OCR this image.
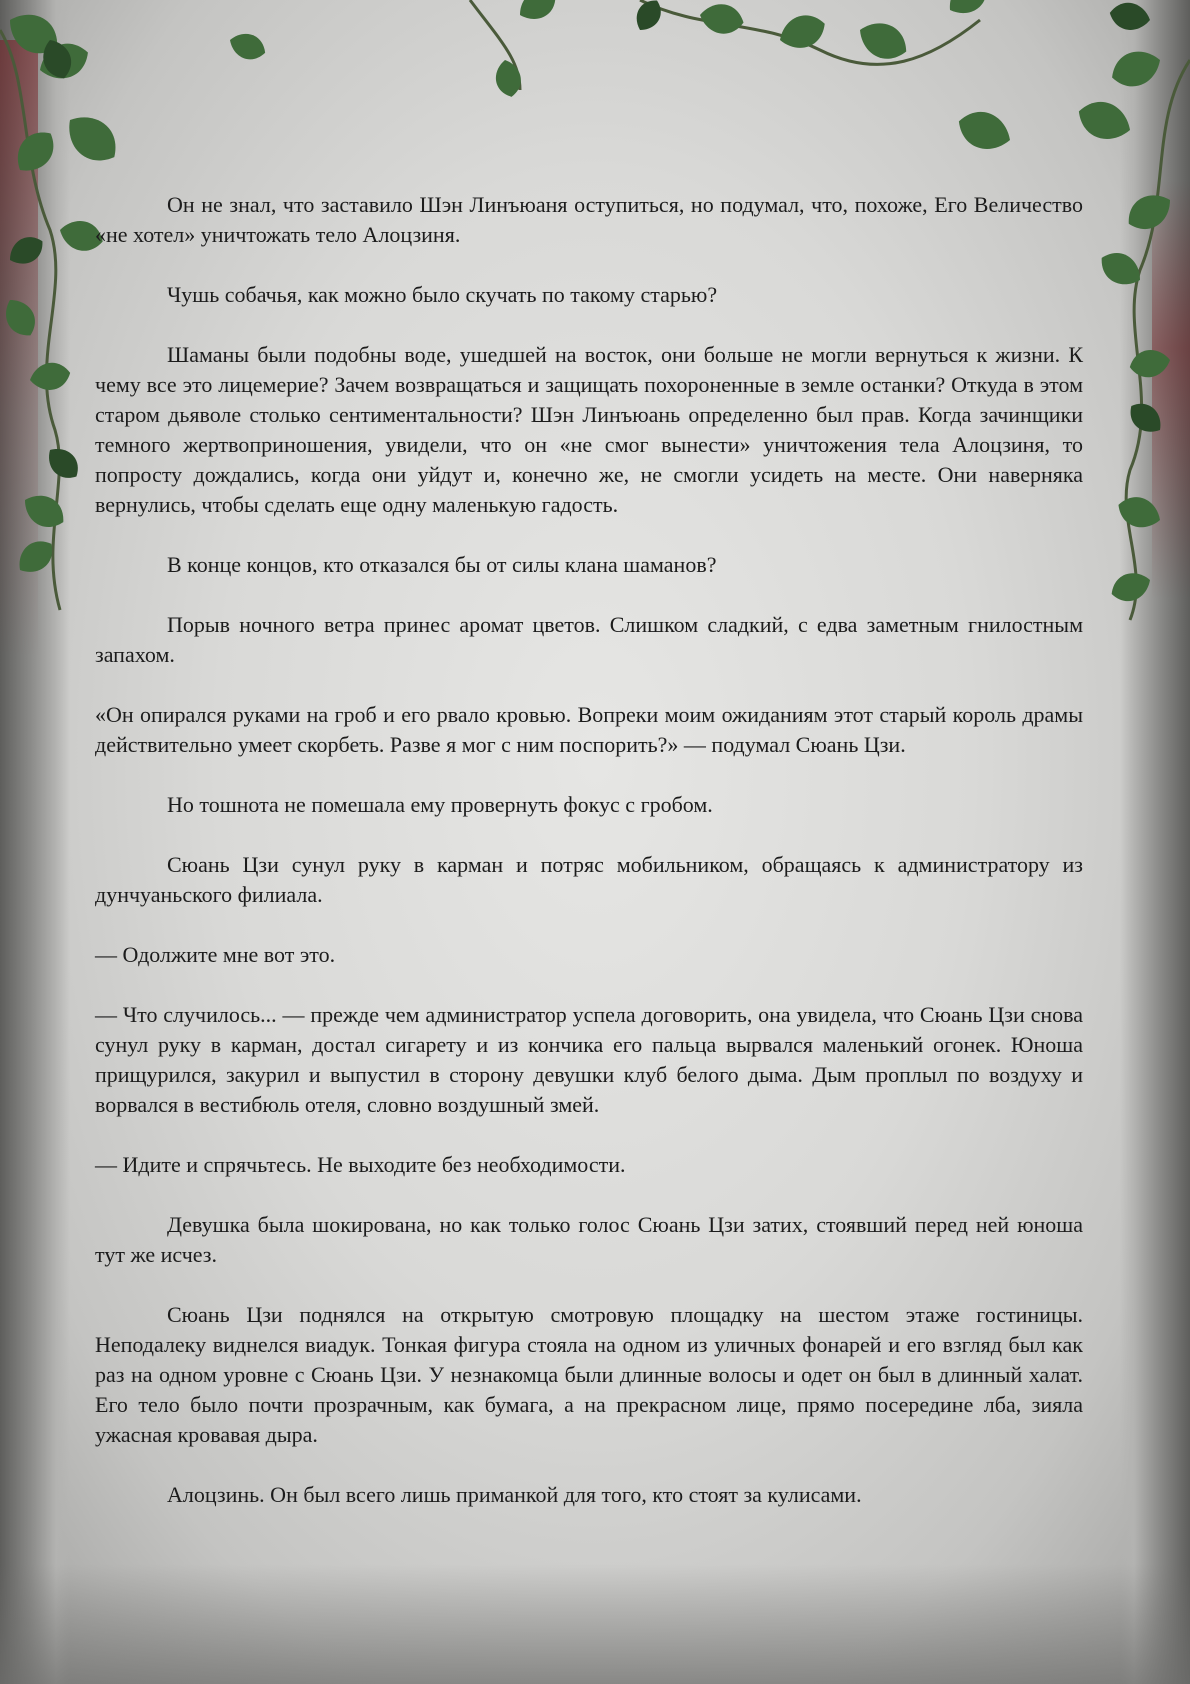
Он не знал, что заставило Шэн Линъюаня оступиться, но подумал, что, похоже, Его Величество «не хотел» уничтожать тело Алоцзиня.

Чушь собачья, как можно было скучать по такому старью?

Шаманы были подобны воде, ушедшей на восток, они больше не могли вернуться к жизни. К чему все это лицемерие? Зачем возвращаться и защищать похороненные в земле останки? Откуда в этом старом дьяволе столько сентиментальности? Шэн Линъюань определенно был прав. Когда зачинщики темного жертвоприношения, увидели, что он «не смог вынести» уничтожения тела Алоцзиня, то попросту дождались, когда они уйдут и, конечно же, не смогли усидеть на месте. Они наверняка вернулись, чтобы сделать еще одну маленькую гадость.

В конце концов, кто отказался бы от силы клана шаманов?

Порыв ночного ветра принес аромат цветов. Слишком сладкий, с едва заметным гнилостным запахом.

«Он опирался руками на гроб и его рвало кровью. Вопреки моим ожиданиям этот старый король драмы действительно умеет скорбеть. Разве я мог с ним поспорить?» — подумал Сюань Цзи.

Но тошнота не помешала ему провернуть фокус с гробом.

Сюань Цзи сунул руку в карман и потряс мобильником, обращаясь к администратору из дунчуаньского филиала.

— Одолжите мне вот это.

— Что случилось... — прежде чем администратор успела договорить, она увидела, что Сюань Цзи снова сунул руку в карман, достал сигарету и из кончика его пальца вырвался маленький огонек. Юноша прищурился, закурил и выпустил в сторону девушки клуб белого дыма. Дым проплыл по воздуху и ворвался в вестибюль отеля, словно воздушный змей.

— Идите и спрячьтесь. Не выходите без необходимости.

Девушка была шокирована, но как только голос Сюань Цзи затих, стоявший перед ней юноша тут же исчез.

Сюань Цзи поднялся на открытую смотровую площадку на шестом этаже гостиницы. Неподалеку виднелся виадук. Тонкая фигура стояла на одном из уличных фонарей и его взгляд был как раз на одном уровне с Сюань Цзи. У незнакомца были длинные волосы и одет он был в длинный халат. Его тело было почти прозрачным, как бумага, а на прекрасном лице, прямо посередине лба, зияла ужасная кровавая дыра.

Алоцзинь. Он был всего лишь приманкой для того, кто стоят за кулисами.
